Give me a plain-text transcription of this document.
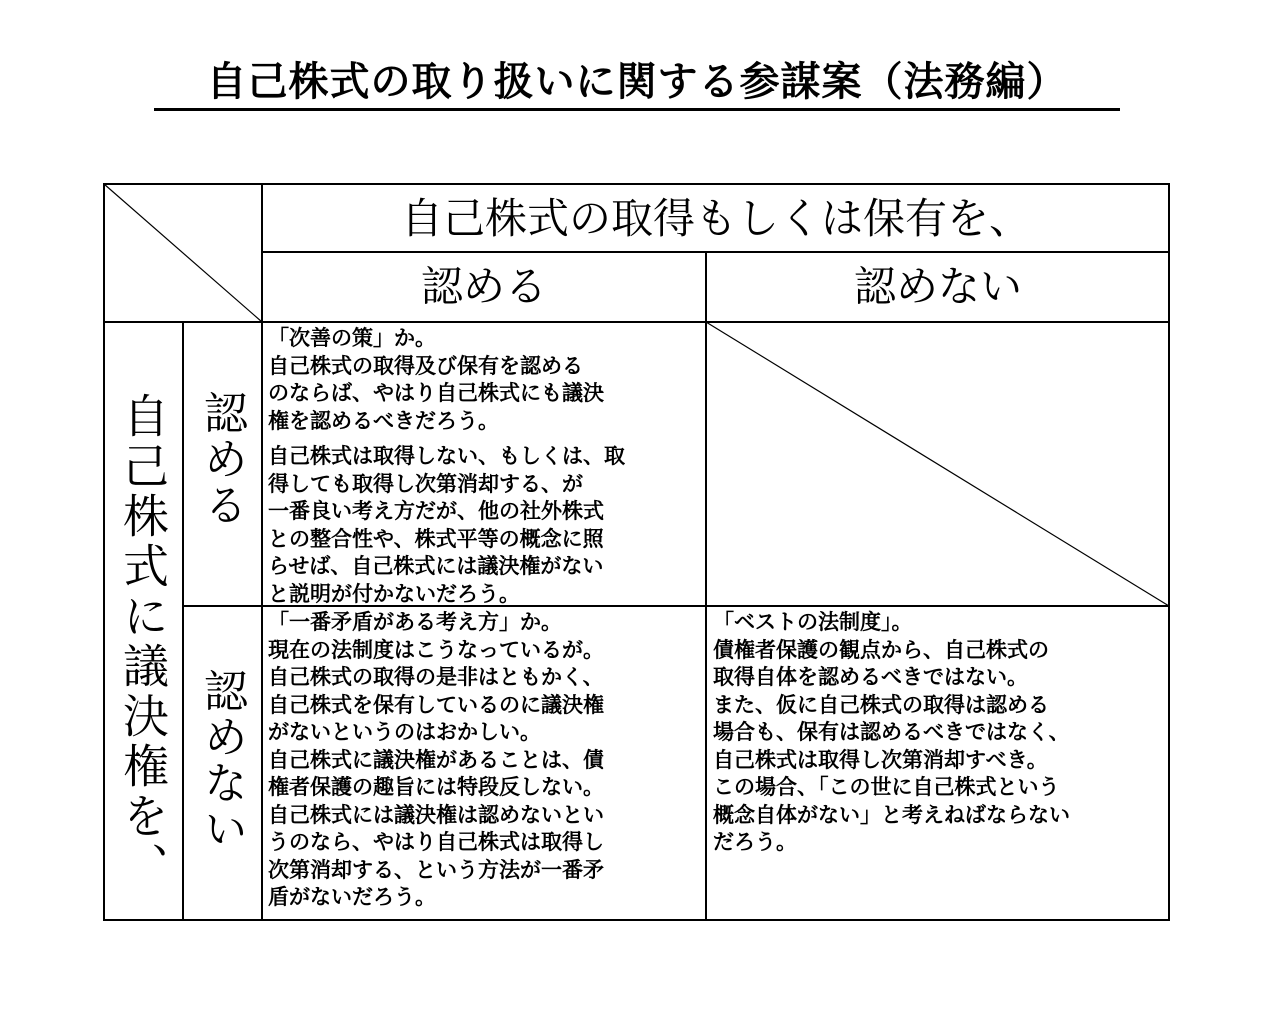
自己株式の取り扱いに関する参謀案（法務編）
自己株式の取得もしくは保有を、
認める	認めない
自己株式に議決権を、 認める
認めない
「次善の策」か。
自己株式の取得及び保有を認める
のならば、やはり自己株式にも議決
権を認めるべきだろう。
自己株式は取得しない、もしくは、取
得しても取得し次第消却する、が
一番良い考え方だが、他の社外株式
との整合性や、株式平等の概念に照
らせば、自己株式には議決権がない
と説明が付かないだろう。
「一番矛盾がある考え方」か。
現在の法制度はこうなっているが。
自己株式の取得の是非はともかく、
自己株式を保有しているのに議決権
がないというのはおかしい。
自己株式に議決権があることは、債
権者保護の趣旨には特段反しない。
自己株式には議決権は認めないとい
うのなら、やはり自己株式は取得し
次第消却する、という方法が一番矛
盾がないだろう。
「ベストの法制度」。
債権者保護の観点から、自己株式の
取得自体を認めるべきではない。
また、仮に自己株式の取得は認める
場合も、保有は認めるべきではなく、
自己株式は取得し次第消却すべき。
この場合、「この世に自己株式という
概念自体がない」と考えねばならない
だろう。
